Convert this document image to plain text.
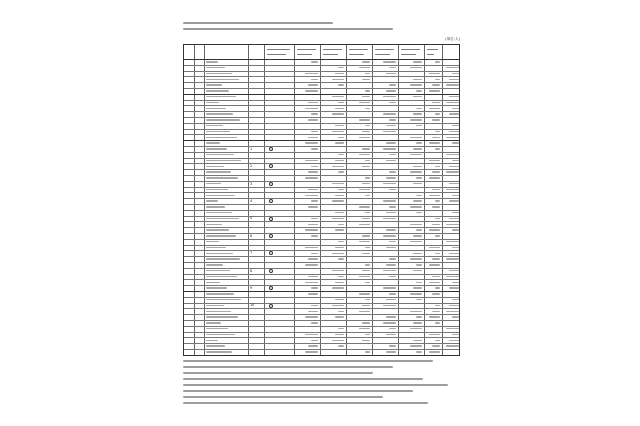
(単位:人)
1
2
3
4
5
6
7
8
9
10
